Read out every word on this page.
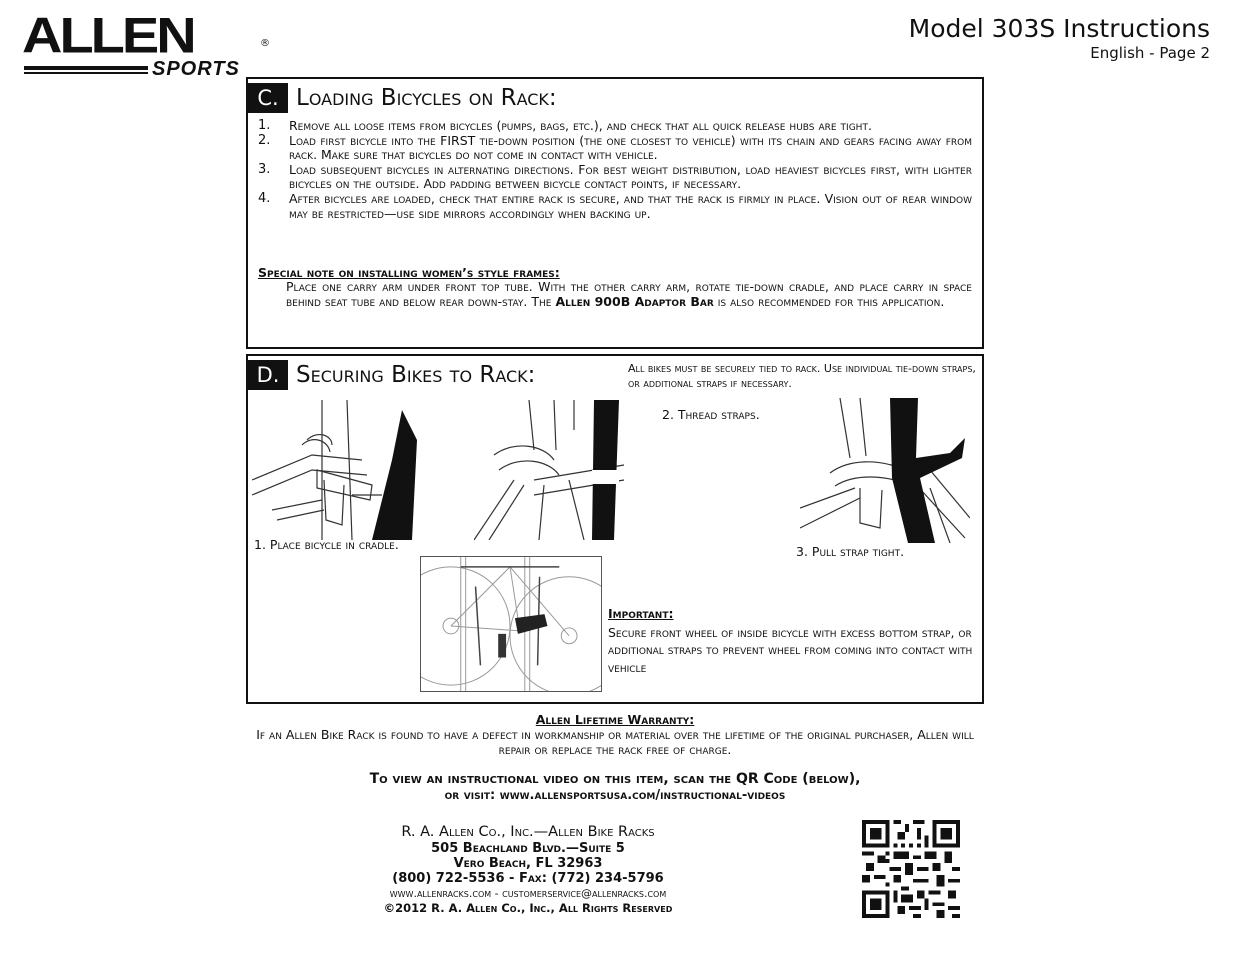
ALLEN	®
SPORTS
Model 303S Instructions
English - Page 2
C. Loading Bicycles on Rack:
1. Remove all loose items from bicycles (pumps, bags, etc.), and check that all quick release hubs are tight.
2. Load first bicycle into the FIRST tie-down position (the one closest to vehicle) with its chain and gears facing away from rack. Make sure that bicycles do not come in contact with vehicle.
3. Load subsequent bicycles in alternating directions. For best weight distribution, load heaviest bicycles first, with lighter bicycles on the outside. Add padding between bicycle contact points, if necessary.
4. After bicycles are loaded, check that entire rack is secure, and that the rack is firmly in place. Vision out of rear window may be restricted—use side mirrors accordingly when backing up.
Special note on installing women’s style frames:
Place one carry arm under front top tube. With the other carry arm, rotate tie-down cradle, and place carry in space behind seat tube and below rear down-stay. The Allen 900B Adaptor Bar is also recommended for this application.
D. Securing Bikes to Rack:	All bikes must be securely tied to rack. Use individual tie-down straps, or additional straps if necessary.
1. Place bicycle in cradle.
2. Thread straps.
3. Pull strap tight.
Important:
Secure front wheel of inside bicycle with excess bottom strap, or additional straps to prevent wheel from coming into contact with vehicle
Allen Lifetime Warranty:
If an Allen Bike Rack is found to have a defect in workmanship or material over the lifetime of the original purchaser, Allen will repair or replace the rack free of charge.
To view an instructional video on this item, scan the QR Code (below),
or visit: www.allensportsusa.com/instructional-videos
R. A. Allen Co., Inc.—Allen Bike Racks
505 Beachland Blvd.—Suite 5
Vero Beach, FL 32963
(800) 722-5536 - Fax: (772) 234-5796
www.allenracks.com - customerservice@allenracks.com
©2012 R. A. Allen Co., Inc., All Rights Reserved
